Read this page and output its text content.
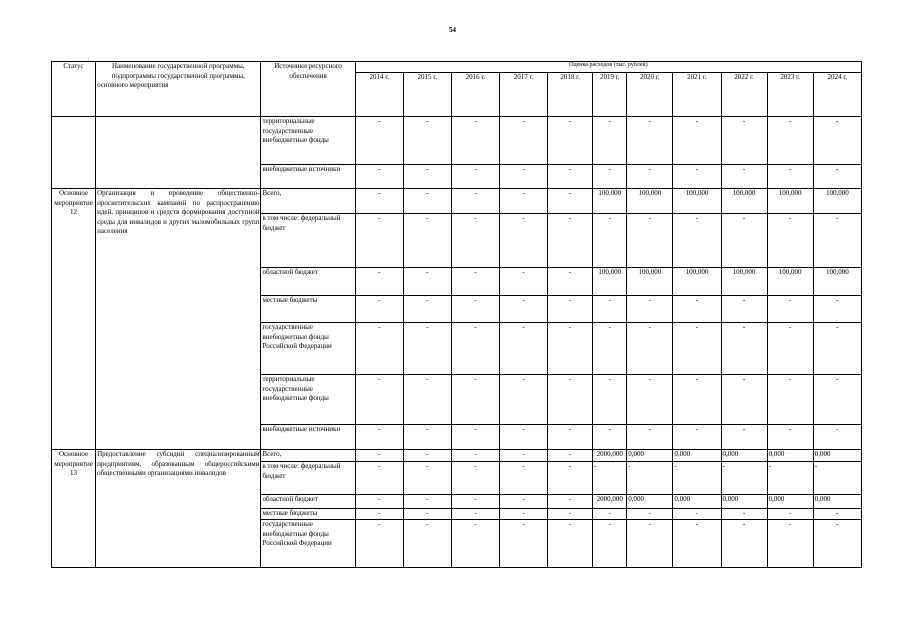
54
Статус	Наименование государственной программы, подпрограммы государственной программы, основного мероприятия	Источники ресурсного обеспечения	Оценка расходов (тыс. рублей)										
			2014 г.	2015 г.	2016 г.	2017 г.	2018 г.	2019 г.	2020 г.	2021 г.	2022 г.	2023 г.	2024 г.
		территориальные государственные внебюджетные фонды	-	-	-	-	-	-	-	-	-	-	-
		внебюджетные источники	-	-	-	-	-	-	-	-	-	-	-
Основное мероприятие 12	Организация и проведение общественно-просветительских кампаний по распространению идей, принципов и средств формирования доступной среды для инвалидов и других маломобильных групп населения	Всего,	-	-	-	-	-	100,000	100,000	100,000	100,000	100,000	100,000
		в том числе: федеральный бюджет	-	-	-	-	-	-	-	-	-	-	-
		областной бюджет	-	-	-	-	-	100,000	100,000	100,000	100,000	100,000	100,000
		местные бюджеты	-	-	-	-	-	-	-	-	-	-	-
		государственные внебюджетные фонды Российской Федерации	-	-	-	-	-	-	-	-	-	-	-
		территориальные государственные внебюджетные фонды	-	-	-	-	-	-	-	-	-	-	-
		внебюджетные источники	-	-	-	-	-	-	-	-	-	-	-
Основное мероприятие 13	Предоставление субсидий специализированным предприятиям, образованным общероссийскими общественными организациями инвалидов	Всего,	-	-	-	-	-	2000,000	0,000	0,000	0,000	0,000	0,000
		в том числе: федеральный бюджет	-	-	-	-	-	-	-	-	-	-	-
		областной бюджет	-	-	-	-	-	2000,000	0,000	0,000	0,000	0,000	0,000
		местные бюджеты	-	-	-	-	-	-	-	-	-	-	-
		государственные внебюджетные фонды Российской Федерации	-	-	-	-	-	-	-	-	-	-	-
